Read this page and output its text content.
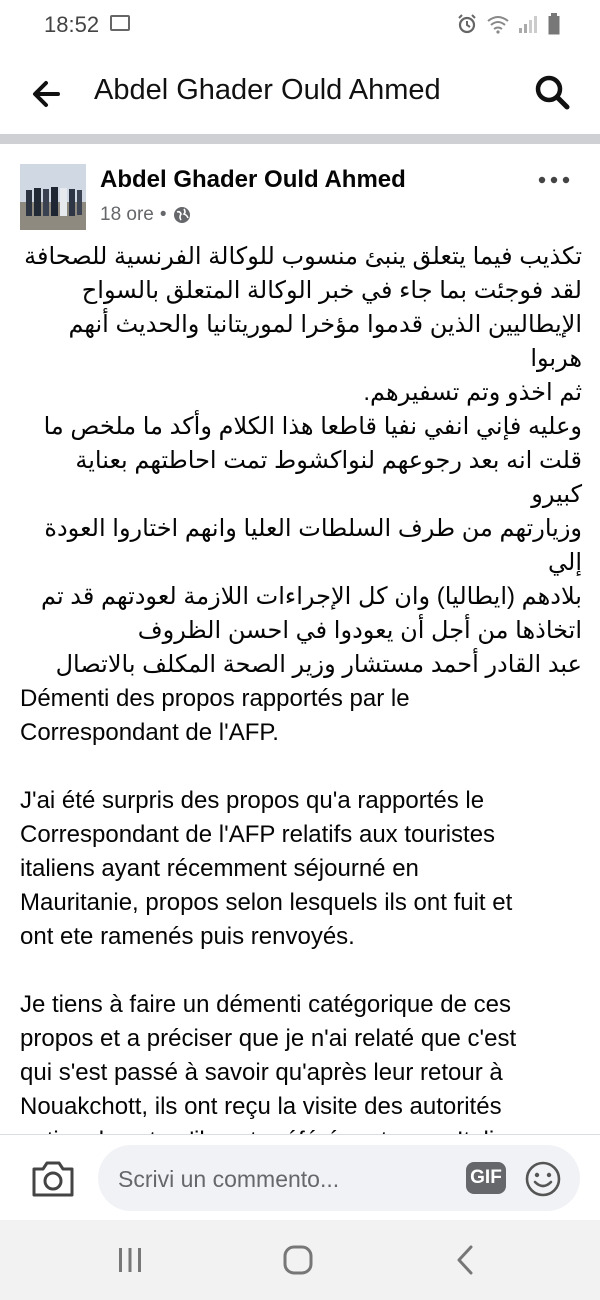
18:52
Abdel Ghader Ould Ahmed
Abdel Ghader Ould Ahmed
18 ore •

تكذيب فيما يتعلق ينبئ منسوب للوكالة الفرنسية للصحافة

لقد فوجئت بما جاء في خبر الوكالة المتعلق بالسواح

الإيطاليين الذين قدموا مؤخرا لموريتانيا والحديث أنهم هربوا

ثم اخذو وتم تسفيرهم.

وعليه فإني انفي نفيا قاطعا هذا الكلام وأكد ما ملخص ما

قلت انه بعد رجوعهم لنواكشوط تمت احاطتهم بعناية كبيرو

وزيارتهم من طرف السلطات العليا وانهم اختاروا العودة إلي

بلادهم (ايطاليا) وان كل الإجراءات اللازمة لعودتهم قد تم

اتخاذها من أجل أن يعودوا في احسن الظروف

عبد القادر أحمد مستشار وزير الصحة المكلف بالاتصال

Démenti des propos rapportés par le

Correspondant de l'AFP.

J'ai été surpris des propos qu'a rapportés le

Correspondant de l'AFP relatifs aux touristes

italiens ayant récemment séjourné en

Mauritanie, propos selon lesquels ils ont fuit et

ont ete ramenés puis renvoyés.

Je tiens à faire un démenti catégorique de ces

propos et a préciser que je n'ai relaté que c'est

qui s'est passé à savoir qu'après leur retour à

Nouakchott, ils ont reçu la visite des autorités

Scrivi un commento...	GIF
